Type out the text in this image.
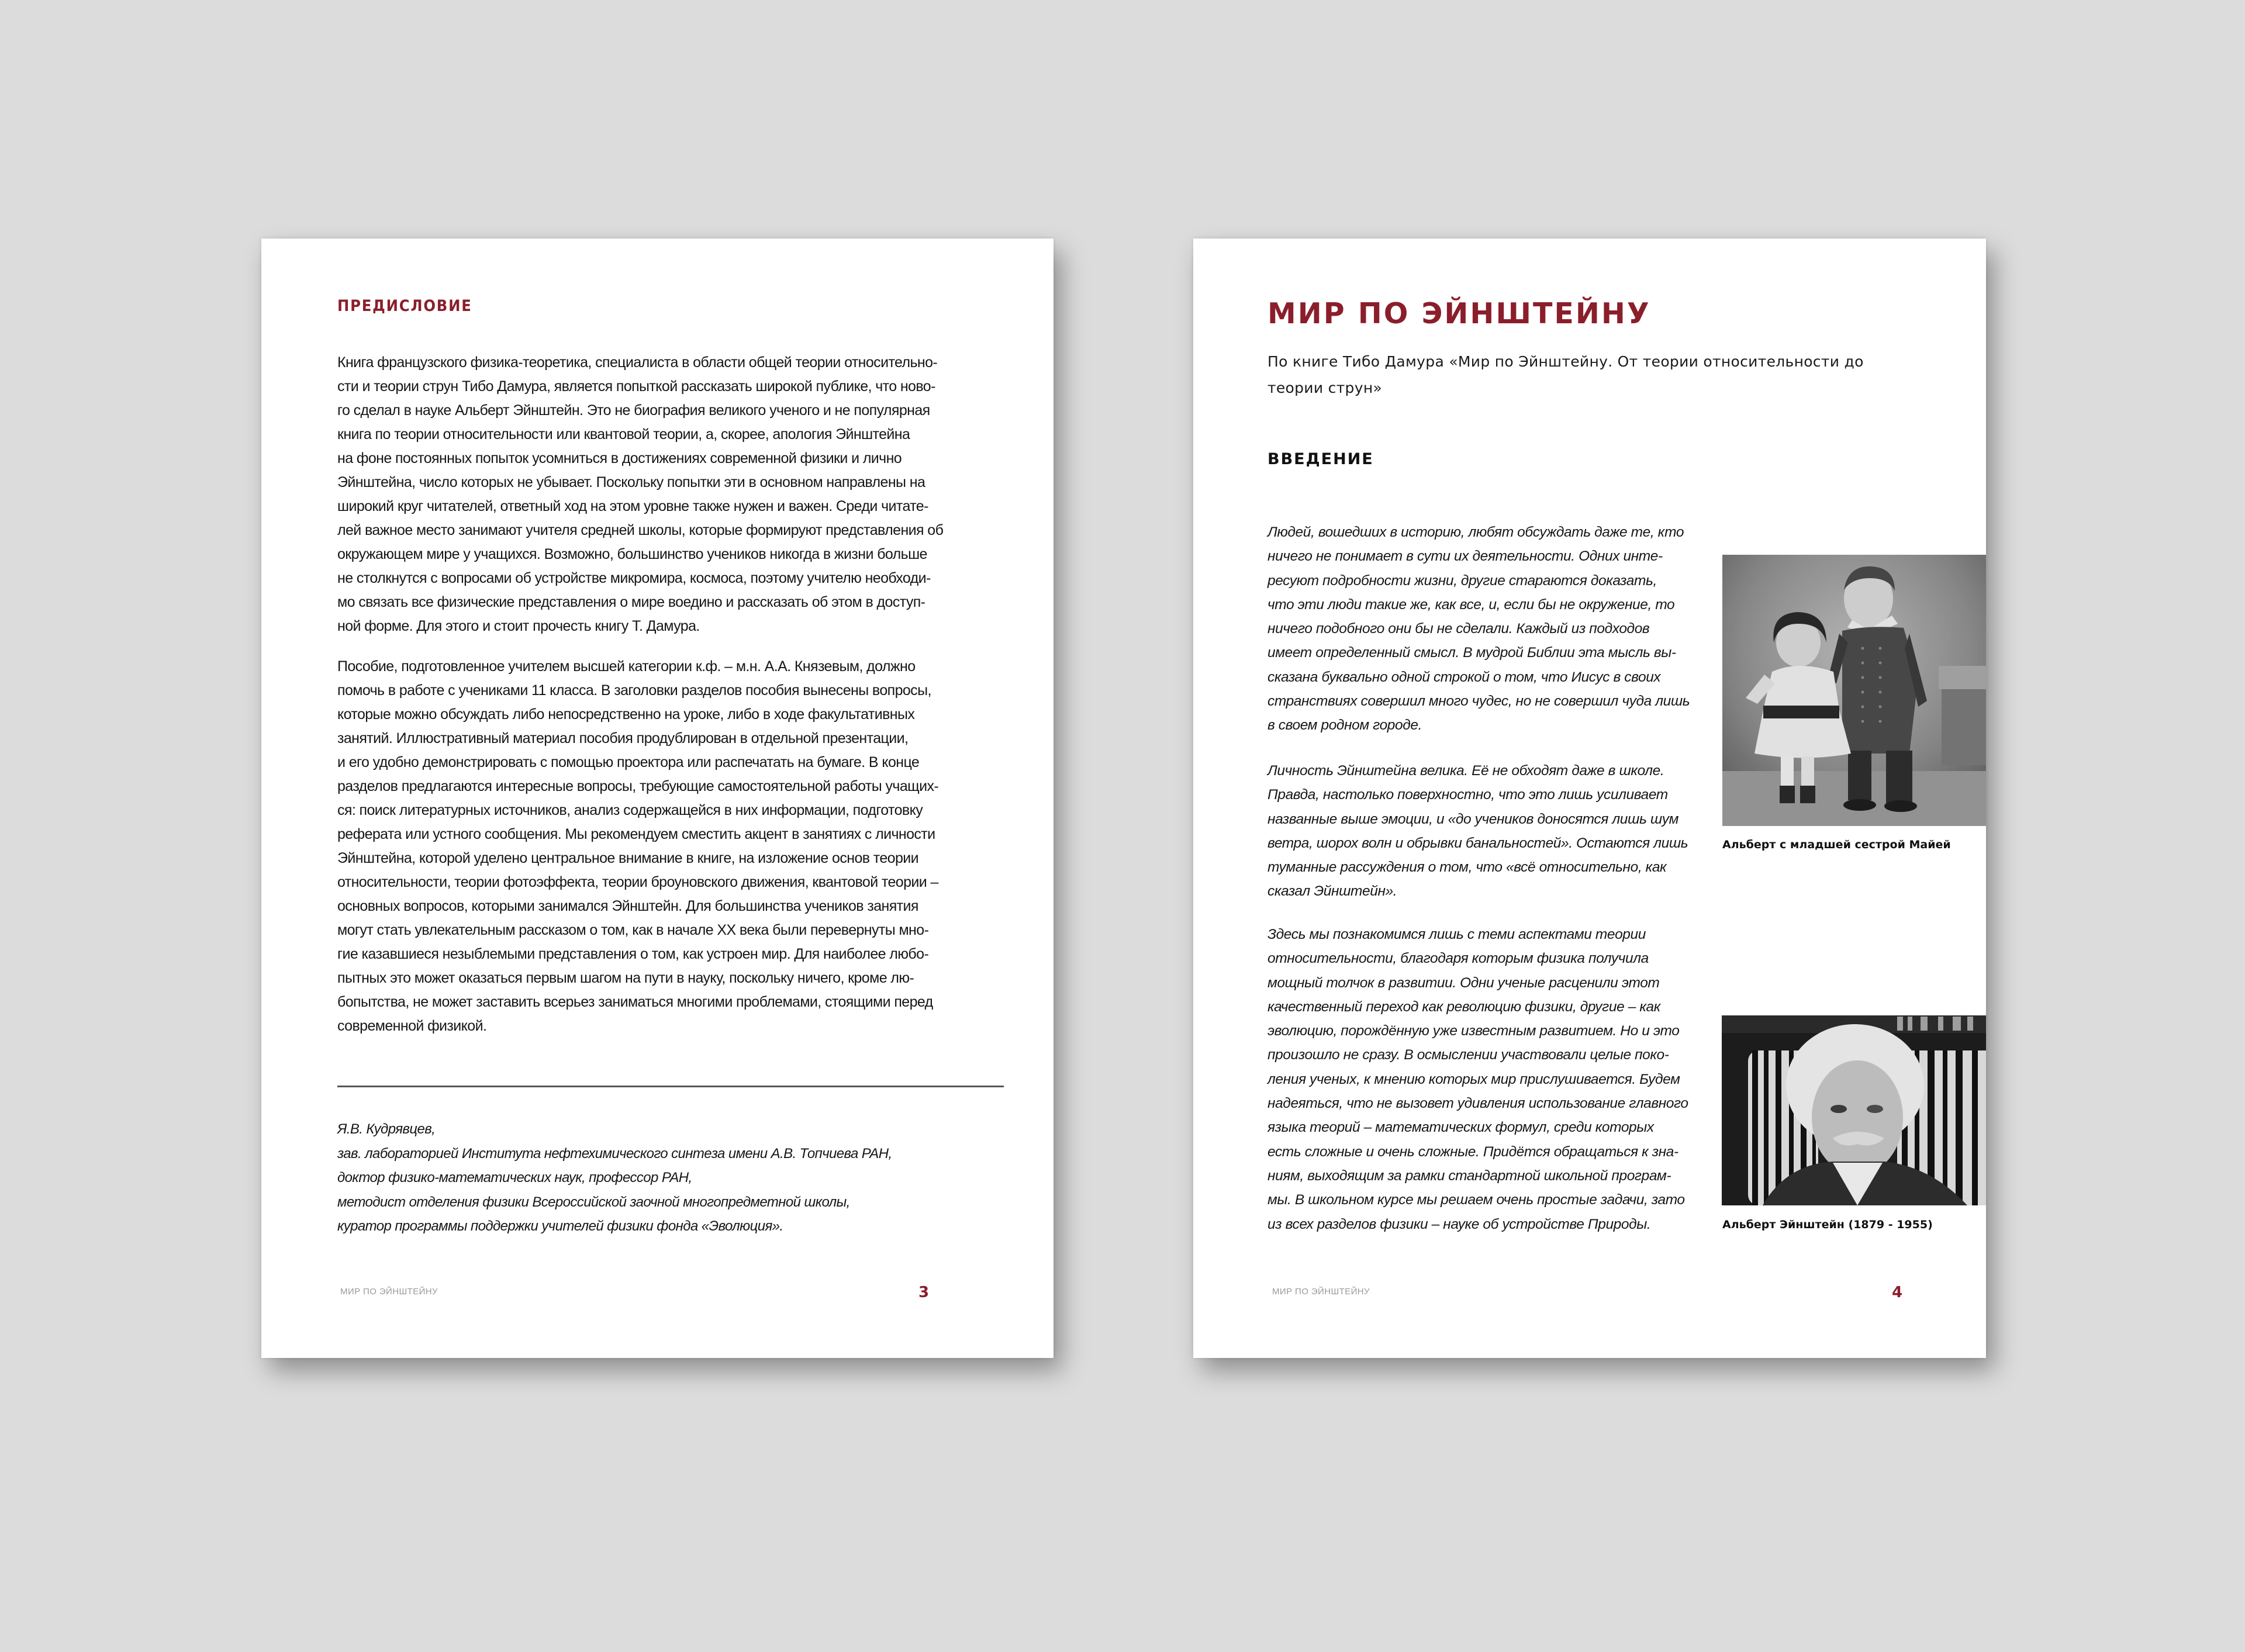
ПРЕДИСЛОВИЕ

Книга французского физика-теоретика, специалиста в области общей теории относительно-

сти и теории струн Тибо Дамура, является попыткой рассказать широкой публике, что ново-

го сделал в науке Альберт Эйнштейн. Это не биография великого ученого и не популярная

книга по теории относительности или квантовой теории, а, скорее, апология Эйнштейна

на фоне постоянных попыток усомниться в достижениях современной физики и лично

Эйнштейна, число которых не убывает. Поскольку попытки эти в основном направлены на

широкий круг читателей, ответный ход на этом уровне также нужен и важен. Среди читате-

лей важное место занимают учителя средней школы, которые формируют представления об

окружающем мире у учащихся. Возможно, большинство учеников никогда в жизни больше

не столкнутся с вопросами об устройстве микромира, космоса, поэтому учителю необходи-

мо связать все физические представления о мире воедино и рассказать об этом в доступ-

ной форме. Для этого и стоит прочесть книгу Т. Дамура.

Пособие, подготовленное учителем высшей категории к.ф. – м.н. А.А. Князевым, должно

помочь в работе с учениками 11 класса. В заголовки разделов пособия вынесены вопросы,

которые можно обсуждать либо непосредственно на уроке, либо в ходе факультативных

занятий. Иллюстративный материал пособия продублирован в отдельной презентации,

и его удобно демонстрировать с помощью проектора или распечатать на бумаге. В конце

разделов предлагаются интересные вопросы, требующие самостоятельной работы учащих-

ся: поиск литературных источников, анализ содержащейся в них информации, подготовку

реферата или устного сообщения. Мы рекомендуем сместить акцент в занятиях с личности

Эйнштейна, которой уделено центральное внимание в книге, на изложение основ теории

относительности, теории фотоэффекта, теории броуновского движения, квантовой теории –

основных вопросов, которыми занимался Эйнштейн. Для большинства учеников занятия

могут стать увлекательным рассказом о том, как в начале XX века были перевернуты мно-

гие казавшиеся незыблемыми представления о том, как устроен мир. Для наиболее любо-

пытных это может оказаться первым шагом на пути в науку, поскольку ничего, кроме лю-

бопытства, не может заставить всерьез заниматься многими проблемами, стоящими перед

современной физикой.

Я.В. Кудрявцев,
зав. лабораторией Института нефтехимического синтеза имени А.В. Топчиева РАН,
доктор физико-математических наук, профессор РАН,
методист отделения физики Всероссийской заочной многопредметной школы,
куратор программы поддержки учителей физики фонда «Эволюция».
МИР ПО ЭЙНШТЕЙНУ	3
МИР ПО ЭЙНШТЕЙНУ
По книге Тибо Дамура «Мир по Эйнштейну. От теории относительности до
теории струн»
ВВЕДЕНИЕ

Людей, вошедших в историю, любят обсуждать даже те, кто
ничего не понимает в сути их деятельности. Одних инте-
ресуют подробности жизни, другие стараются доказать,
что эти люди такие же, как все, и, если бы не окружение, то
ничего подобного они бы не сделали. Каждый из подходов
имеет определенный смысл. В мудрой Библии эта мысль вы-
сказана буквально одной строкой о том, что Иисус в своих
странствиях совершил много чудес, но не совершил чуда лишь
в своем родном городе.

Личность Эйнштейна велика. Её не обходят даже в школе.
Правда, настолько поверхностно, что это лишь усиливает
названные выше эмоции, и «до учеников доносятся лишь шум
ветра, шорох волн и обрывки банальностей». Остаются лишь
туманные рассуждения о том, что «всё относительно, как
сказал Эйнштейн».

Здесь мы познакомимся лишь с теми аспектами теории
относительности, благодаря которым физика получила
мощный толчок в развитии. Одни ученые расценили этот
качественный переход как революцию физики, другие – как
эволюцию, порождённую уже известным развитием. Но и это
произошло не сразу. В осмыслении участвовали целые поко-
ления ученых, к мнению которых мир прислушивается. Будем
надеяться, что не вызовет удивления использование главного
языка теорий – математических формул, среди которых
есть сложные и очень сложные. Придётся обращаться к зна-
ниям, выходящим за рамки стандартной школьной програм-
мы. В школьном курсе мы решаем очень простые задачи, зато
из всех разделов физики – науке об устройстве Природы.

Альберт с младшей сестрой Майей
Альберт Эйнштейн (1879 - 1955)
МИР ПО ЭЙНШТЕЙНУ	4
